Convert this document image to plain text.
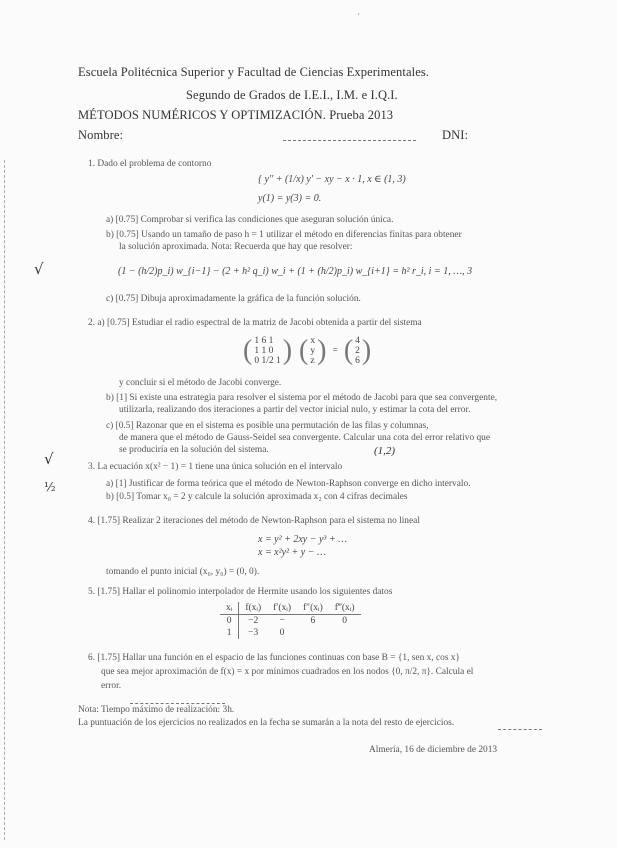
·
Escuela Politécnica Superior y Facultad de Ciencias Experimentales.
Segundo de Grados de I.E.I., I.M. e I.Q.I.
MÉTODOS NUMÉRICOS Y OPTIMIZACIÓN. Prueba 2013
Nombre:	DNI:
1. Dado el problema de contorno
{ y'' + (1/x) y' − xy − x · 1, x ∈ (1, 3)
y(1) = y(3) = 0.
a) [0.75] Comprobar si verifica las condiciones que aseguran solución única.
b) [0.75] Usando un tamaño de paso h = 1 utilizar el método en diferencias finitas para obtener
la solución aproximada. Nota: Recuerda que hay que resolver:
√	(1 − (h/2)p_i) w_{i−1} − (2 + h² q_i) w_i + (1 + (h/2)p_i) w_{i+1} = h² r_i, i = 1, …, 3
c) [0.75] Dibuja aproximadamente la gráfica de la función solución.
2. a) [0.75] Estudiar el radio espectral de la matriz de Jacobi obtenida a partir del sistema
(	1 6 1
1 1 0
0 1/2 1	)	(	x
y
z	)	=	(	4
2
6	)
y concluir si el método de Jacobi converge.
b) [1] Si existe una estrategia para resolver el sistema por el método de Jacobi para que sea convergente,
utilizarla, realizando dos iteraciones a partir del vector inicial nulo, y estimar la cota del error.
c) [0.5] Razonar que en el sistema es posible una permutación de las filas y columnas,
de manera que el método de Gauss-Seidel sea convergente. Calcular una cota del error relativo que
se produciría en la solución del sistema.
√	3. La ecuación x(x² − 1) = 1 tiene una única solución en el intervalo
(1,2)
a) [1] Justificar de forma teórica que el método de Newton-Raphson converge en dicho intervalo.
b) [0.5] Tomar x₀ = 2 y calcule la solución aproximada x₂ con 4 cifras decimales
½
4. [1.75] Realizar 2 iteraciones del método de Newton-Raphson para el sistema no lineal
x = y² + 2xy − y³ + …
x = x²y² + y − …
tomando el punto inicial (x₀, y₀) = (0, 0).
5. [1.75] Hallar el polinomio interpolador de Hermite usando los siguientes datos
xᵢ	f(xᵢ)	f′(xᵢ)	f″(xᵢ)	f‴(xᵢ)
0	−2	−	6	0
1	−3	0		
6. [1.75] Hallar una función en el espacio de las funciones continuas con base B = {1, sen x, cos x}
que sea mejor aproximación de f(x) = x por mínimos cuadrados en los nodos {0, π/2, π}. Calcula el
error.
Nota: Tiempo máximo de realización: 3h.
La puntuación de los ejercicios no realizados en la fecha se sumarán a la nota del resto de ejercicios.
Almería, 16 de diciembre de 2013
